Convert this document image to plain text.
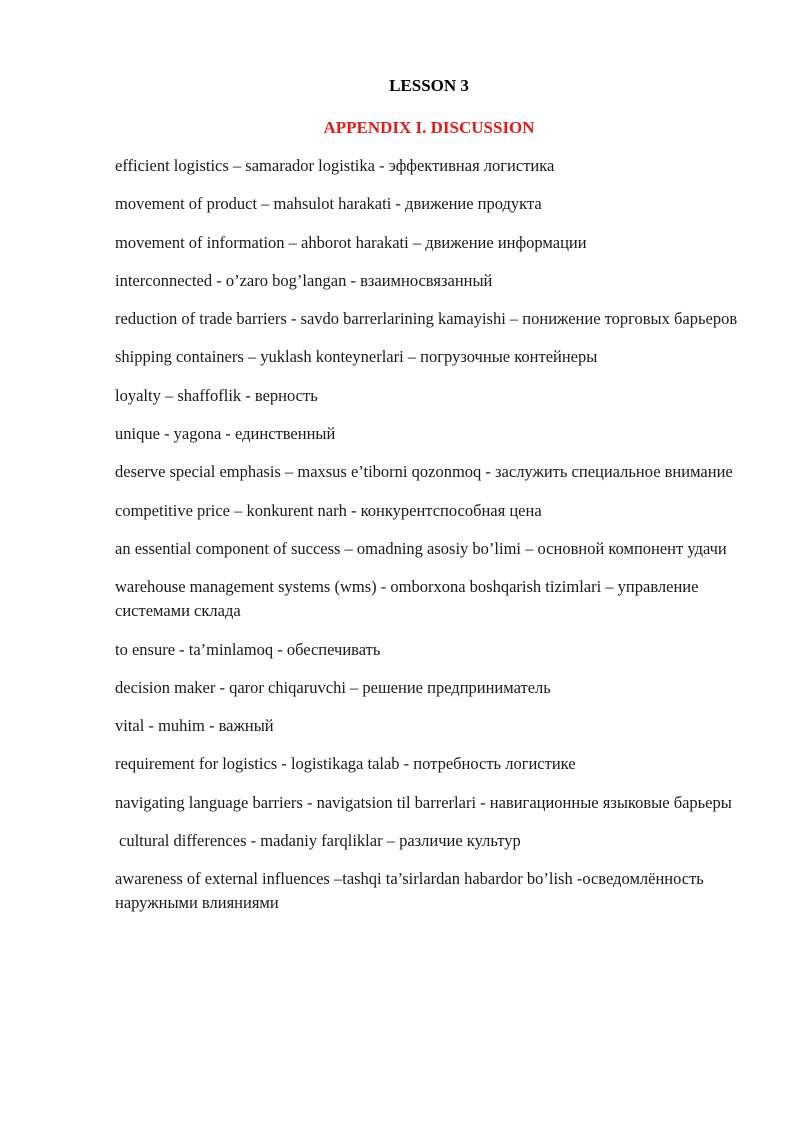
LESSON 3
APPENDIX I. DISCUSSION

efficient logistics – samarador logistika - эффективная логистика

movement of product – mahsulot harakati - движение продукта

movement of information – ahborot harakati – движение информации

interconnected - o’zaro bog’langan - взаимносвязанный

reduction of trade barriers - savdo barrerlarining kamayishi – понижение торговых барьеров

shipping containers – yuklash konteynerlari – погрузочные контейнеры

loyalty – shaffoflik - верность

unique - yagona - единственный

deserve special emphasis – maxsus e’tiborni qozonmoq - заслужить специальное внимание

competitive price – konkurent narh - конкурентспособная цена

an essential component of success – omadning asosiy bo’limi – основной компонент удачи

warehouse management systems (wms) - omborxona boshqarish tizimlari – управление системами склада

to ensure - ta’minlamoq - обеспечивать

decision maker - qaror chiqaruvchi – решение предприниматель

vital - muhim - важный

requirement for logistics - logistikaga talab - потребность логистике

navigating language barriers - navigatsion til barrerlari - навигационные языковые барьеры

cultural differences - madaniy farqliklar – различие культур

awareness of external influences –tashqi ta’sirlardan habardor bo’lish -осведомлённость наружными влияниями
